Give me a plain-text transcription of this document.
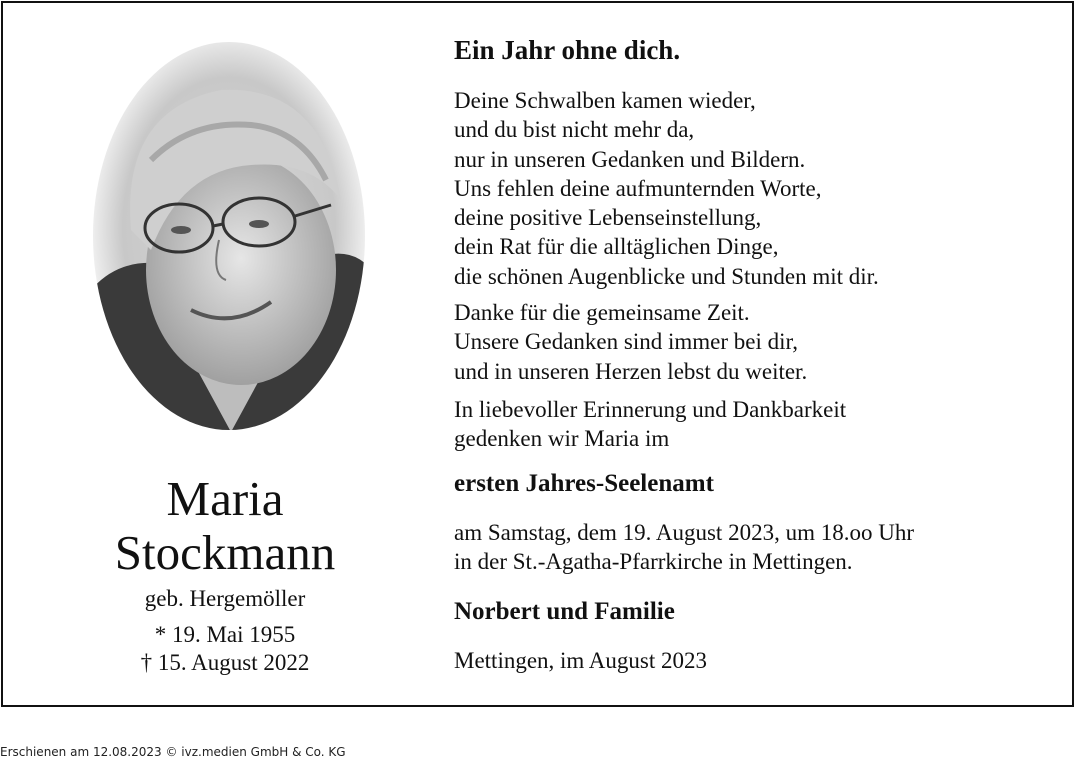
Maria
Stockmann
geb. Hergemöller
* 19. Mai 1955
† 15. August 2022
Ein Jahr ohne dich.
Deine Schwalben kamen wieder,
und du bist nicht mehr da,
nur in unseren Gedanken und Bildern.
Uns fehlen deine aufmunternden Worte,
deine positive Lebenseinstellung,
dein Rat für die alltäglichen Dinge,
die schönen Augenblicke und Stunden mit dir.
Danke für die gemeinsame Zeit.
Unsere Gedanken sind immer bei dir,
und in unseren Herzen lebst du weiter.
In liebevoller Erinnerung und Dankbarkeit
gedenken wir Maria im
ersten Jahres-Seelenamt
am Samstag, dem 19. August 2023, um 18.oo Uhr
in der St.-Agatha-Pfarrkirche in Mettingen.
Norbert und Familie
Mettingen, im August 2023
Erschienen am 12.08.2023 © ivz.medien GmbH & Co. KG
